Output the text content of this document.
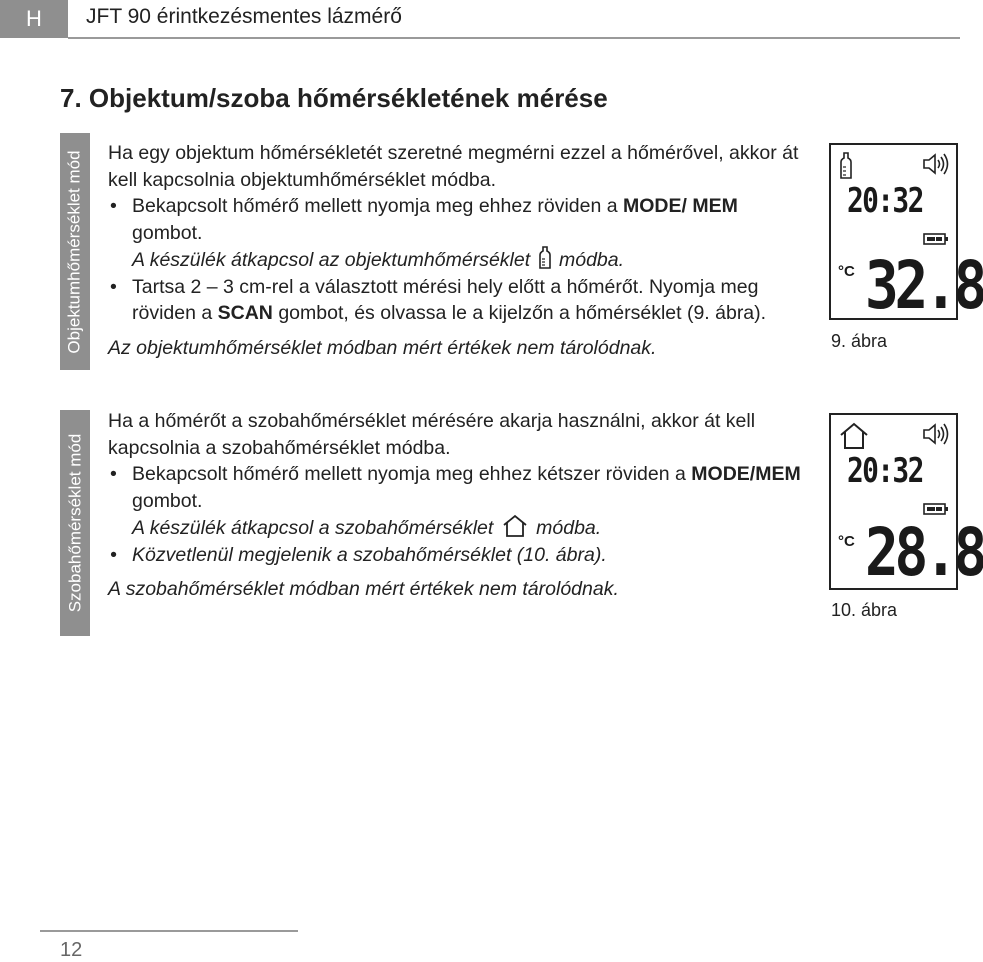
H	JFT 90 érintkezésmentes lázmérő
7. Objektum/szoba hőmérsékletének mérése
Objektumhőmérséklet mód
Szobahőmérséklet mód

Ha egy objektum hőmérsékletét szeretné megmérni ezzel a hőmérővel, akkor át kell kapcsolnia objektumhőmérséklet módba.

• Bekapcsolt hőmérő mellett nyomja meg ehhez röviden a MODE/ MEM gombot.

A készülék átkapcsol az objektumhőmérséklet módba.

• Tartsa 2 – 3 cm-rel a választott mérési hely előtt a hőmérőt. Nyomja meg röviden a SCAN gombot, és olvassa le a kijelzőn a hőmérséklet (9. ábra).

Az objektumhőmérséklet módban mért értékek nem tárolódnak.

Ha a hőmérőt a szobahőmérséklet mérésére akarja használni, akkor át kell kapcsolnia a szobahőmérséklet módba.

• Bekapcsolt hőmérő mellett nyomja meg ehhez kétszer röviden a MODE/MEM gombot.

A készülék átkapcsol a szobahőmérséklet módba.

• Közvetlenül megjelenik a szobahőmérséklet (10. ábra).

A szobahőmérséklet módban mért értékek nem tárolódnak.

20:32
°C 32.8
9. ábra
20:32
°C 28.8
10. ábra
12
